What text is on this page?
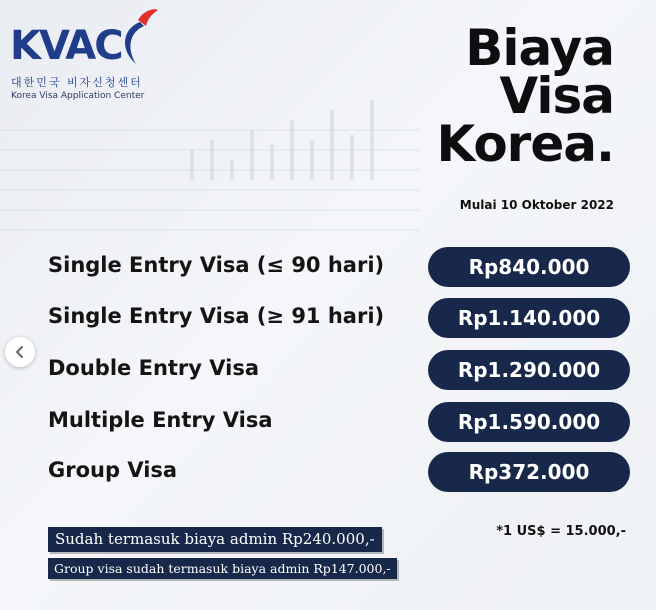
KVAC
대한민국 비자신청센터
Korea Visa Application Center
Biaya
Visa
Korea.
Mulai 10 Oktober 2022
Single Entry Visa (≤ 90 hari)	Rp840.000
Single Entry Visa (≥ 91 hari)	Rp1.140.000
Double Entry Visa	Rp1.290.000
Multiple Entry Visa	Rp1.590.000
Group Visa	Rp372.000
Sudah termasuk biaya admin Rp240.000,-
Group visa sudah termasuk biaya admin Rp147.000,-
*1 US$ = 15.000,-
